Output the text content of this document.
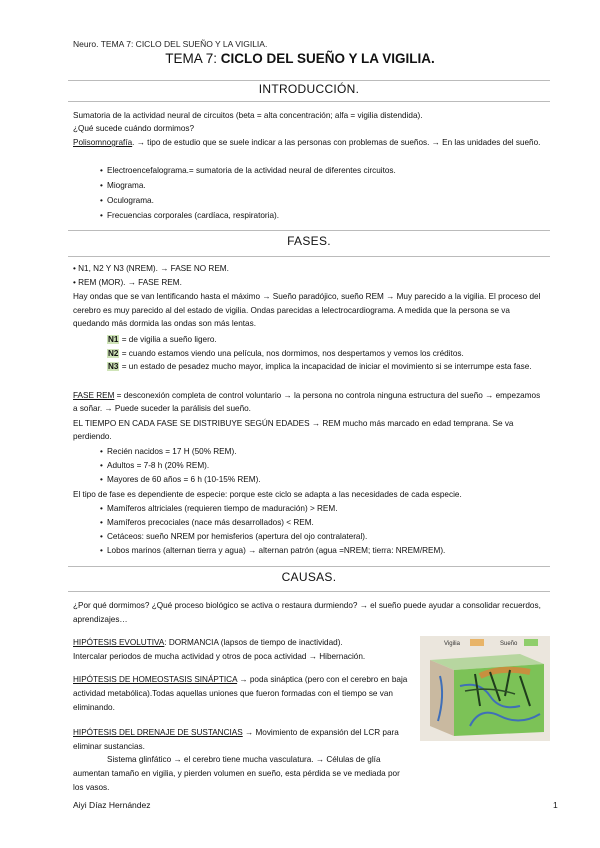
Neuro. TEMA 7: CICLO DEL SUEÑO Y LA VIGILIA.
TEMA 7: CICLO DEL SUEÑO Y LA VIGILIA.
INTRODUCCIÓN.
Sumatoria de la actividad neural de circuitos (beta = alta concentración; alfa = vigilia distendida).
¿Qué sucede cuándo dormimos?
Polisomnografía. → tipo de estudio que se suele indicar a las personas con problemas de sueños. → En las unidades del sueño.
• Electroencefalograma.= sumatoria de la actividad neural de diferentes circuitos.
• Miograma.
• Oculograma.
• Frecuencias corporales (cardíaca, respiratoria).
FASES.
• N1, N2 Y N3 (NREM). → FASE NO REM.
• REM (MOR). → FASE REM.
Hay ondas que se van lentificando hasta el máximo → Sueño paradójico, sueño REM → Muy parecido a la vigilia. El proceso del cerebro es muy parecido al del estado de vigilia. Ondas parecidas a lelectrocardiograma. A medida que la persona se va quedando más dormida las ondas son más lentas.
N1 = de vigilia a sueño ligero.
N2 = cuando estamos viendo una película, nos dormimos, nos despertamos y vemos los créditos.
N3 = un estado de pesadez mucho mayor, implica la incapacidad de iniciar el movimiento si se interrumpe esta fase.
FASE REM = desconexión completa de control voluntario → la persona no controla ninguna estructura del sueño → empezamos a soñar. → Puede suceder la parálisis del sueño.
EL TIEMPO EN CADA FASE SE DISTRIBUYE SEGÚN EDADES → REM mucho más marcado en edad temprana. Se va perdiendo.
• Recién nacidos = 17 H (50% REM).
• Adultos = 7-8 h (20% REM).
• Mayores de 60 años = 6 h (10-15% REM).
El tipo de fase es dependiente de especie: porque este ciclo se adapta a las necesidades de cada especie.
• Mamíferos altriciales (requieren tiempo de maduración) > REM.
• Mamíferos precociales (nace más desarrollados) < REM.
• Cetáceos: sueño NREM por hemisferios (apertura del ojo contralateral).
• Lobos marinos (alternan tierra y agua) → alternan patrón (agua =NREM; tierra: NREM/REM).
CAUSAS.
¿Por qué dormimos? ¿Qué proceso biológico se activa o restaura durmiendo? → el sueño puede ayudar a consolidar recuerdos, aprendizajes…
HIPÓTESIS EVOLUTIVA: DORMANCIA (lapsos de tiempo de inactividad).
Intercalar periodos de mucha actividad y otros de poca actividad → Hibernación.
HIPÓTESIS DE HOMEOSTASIS SINÁPTICA → poda sináptica (pero con el cerebro en baja actividad metabólica).Todas aquellas uniones que fueron formadas con el tiempo se van eliminando.
HIPÓTESIS DEL DRENAJE DE SUSTANCIAS → Movimiento de expansión del LCR para eliminar sustancias.
Sistema glinfático → el cerebro tiene mucha vasculatura. → Células de glía aumentan tamaño en vigilia, y pierden volumen en sueño, esta pérdida se ve mediada por los vasos.
Vigilia	Sueño
Aiyi Díaz Hernández	1
